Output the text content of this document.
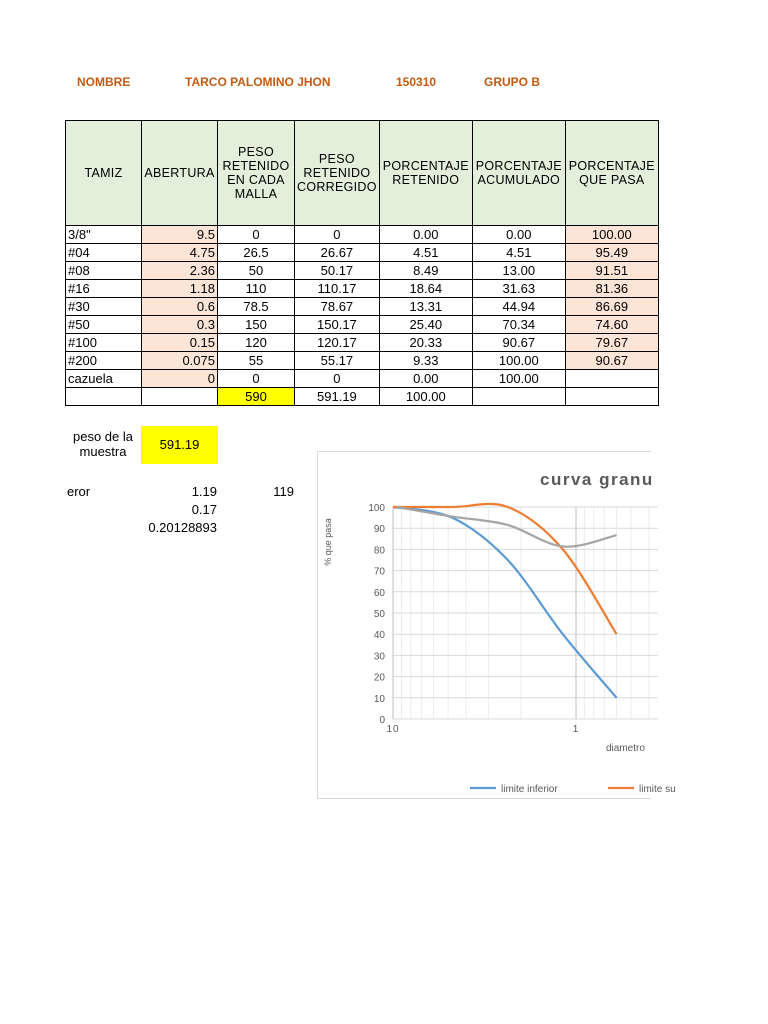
NOMBRE	TARCO PALOMINO JHON	150310	GRUPO B
TAMIZ	ABERTURA	PESO RETENIDO EN CADA MALLA	PESO RETENIDO CORREGIDO	PORCENTAJE RETENIDO	PORCENTAJE ACUMULADO	PORCENTAJE QUE PASA
3/8"	9.5	0	0	0.00	0.00	100.00
#04	4.75	26.5	26.67	4.51	4.51	95.49
#08	2.36	50	50.17	8.49	13.00	91.51
#16	1.18	110	110.17	18.64	31.63	81.36
#30	0.6	78.5	78.67	13.31	44.94	86.69
#50	0.3	150	150.17	25.40	70.34	74.60
#100	0.15	120	120.17	20.33	90.67	79.67
#200	0.075	55	55.17	9.33	100.00	90.67
cazuela	0	0	0	0.00	100.00	
		590	591.19	100.00		
peso de la muestra	591.19
eror	1.19	119
0.17
0.20128893
0
10
20
30
40
50
60
70
80
90
100
10	1
curva granu
% que pasa
diametro
limite inferior	limite su
